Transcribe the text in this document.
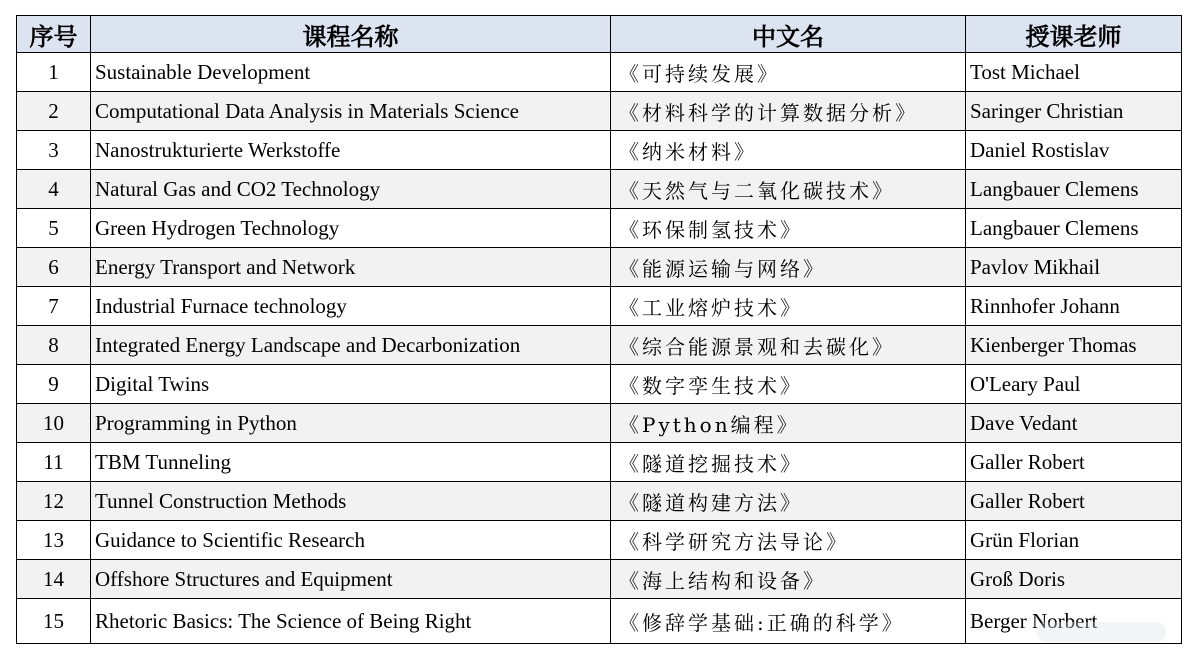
序号	课程名称	中文名	授课老师
1	Sustainable Development	《可持续发展》	Tost Michael
2	Computational Data Analysis in Materials Science	《材料科学的计算数据分析》	Saringer Christian
3	Nanostrukturierte Werkstoffe	《纳米材料》	Daniel Rostislav
4	Natural Gas and CO2 Technology	《天然气与二氧化碳技术》	Langbauer Clemens
5	Green Hydrogen Technology	《环保制氢技术》	Langbauer Clemens
6	Energy Transport and Network	《能源运输与网络》	Pavlov Mikhail
7	Industrial Furnace technology	《工业熔炉技术》	Rinnhofer Johann
8	Integrated Energy Landscape and Decarbonization	《综合能源景观和去碳化》	Kienberger Thomas
9	Digital Twins	《数字孪生技术》	O'Leary Paul
10	Programming in Python	《Python编程》	Dave Vedant
11	TBM Tunneling	《隧道挖掘技术》	Galler Robert
12	Tunnel Construction Methods	《隧道构建方法》	Galler Robert
13	Guidance to Scientific Research	《科学研究方法导论》	Grün Florian
14	Offshore Structures and Equipment	《海上结构和设备》	Groß Doris
15	Rhetoric Basics: The Science of Being Right	《修辞学基础:正确的科学》	Berger Norbert
